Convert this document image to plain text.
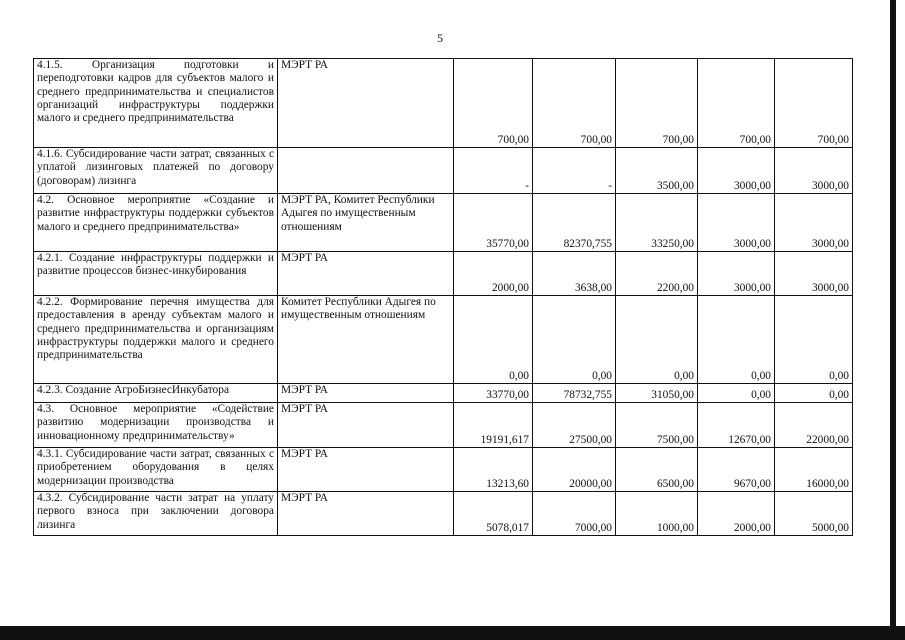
5
4.1.5. Организация подготовки и переподготовки кадров для субъектов малого и среднего предпринимательства и специалистов организаций инфраструктуры поддержки малого и среднего предпринимательства	МЭРТ РА	700,00	700,00	700,00	700,00	700,00
4.1.6. Субсидирование части затрат, связанных с уплатой лизинговых платежей по договору (договорам) лизинга		-	-	3500,00	3000,00	3000,00
4.2. Основное мероприятие «Создание и развитие инфраструктуры поддержки субъектов малого и среднего предпринимательства»	МЭРТ РА, Комитет Республики Адыгея по имущественным отношениям	35770,00	82370,755	33250,00	3000,00	3000,00
4.2.1. Создание инфраструктуры поддержки и развитие процессов бизнес-инкубирования	МЭРТ РА	2000,00	3638,00	2200,00	3000,00	3000,00
4.2.2. Формирование перечня имущества для предоставления в аренду субъектам малого и среднего предпринимательства и организациям инфраструктуры поддержки малого и среднего предпринимательства	Комитет Республики Адыгея по имущественным отношениям	0,00	0,00	0,00	0,00	0,00
4.2.3. Создание АгроБизнесИнкубатора	МЭРТ РА	33770,00	78732,755	31050,00	0,00	0,00
4.3. Основное мероприятие «Содействие развитию модернизации производства и инновационному предпринимательству»	МЭРТ РА	19191,617	27500,00	7500,00	12670,00	22000,00
4.3.1. Субсидирование части затрат, связанных с приобретением оборудования в целях модернизации производства	МЭРТ РА	13213,60	20000,00	6500,00	9670,00	16000,00
4.3.2. Субсидирование части затрат на уплату первого взноса при заключении договора лизинга	МЭРТ РА	5078,017	7000,00	1000,00	2000,00	5000,00
